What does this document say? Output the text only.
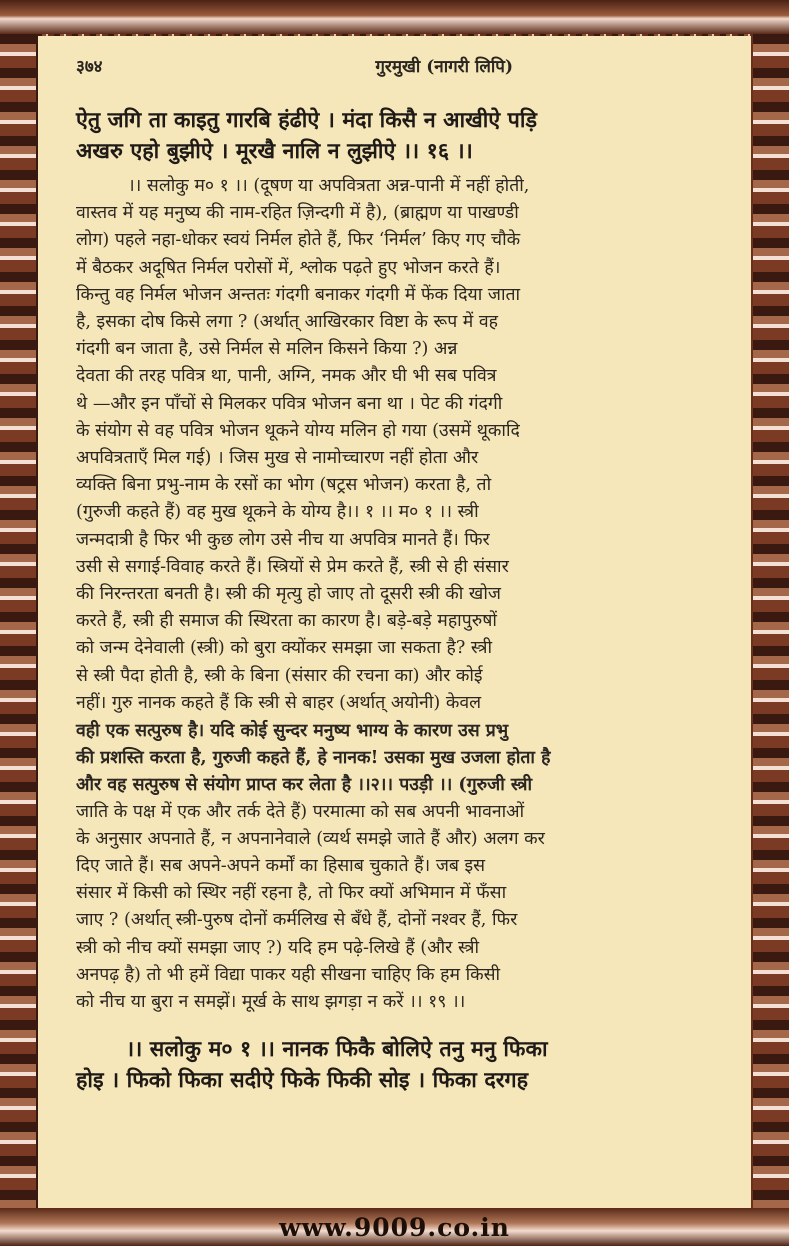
३७४	गुरमुखी (नागरी लिपि)
ऐतु जगि ता काइतु गारबि हंढीऐ । मंदा किसै न आखीऐ पड़ि
अखरु एहो बुझीऐ । मूरखै नालि न लुझीऐ ।। १६ ।।
।। सलोकु म० १ ।। (दूषण या अपवित्रता अन्न-पानी में नहीं होती,
वास्तव में यह मनुष्य की नाम-रहित ज़िन्दगी में है), (ब्राह्मण या पाखण्डी
लोग) पहले नहा-धोकर स्वयं निर्मल होते हैं, फिर ‘निर्मल’ किए गए चौके
में बैठकर अदूषित निर्मल परोसों में, श्लोक पढ़ते हुए भोजन करते हैं।
किन्तु वह निर्मल भोजन अन्ततः गंदगी बनाकर गंदगी में फेंक दिया जाता
है, इसका दोष किसे लगा ? (अर्थात् आखिरकार विष्टा के रूप में वह
गंदगी बन जाता है, उसे निर्मल से मलिन किसने किया ?) अन्न
देवता की तरह पवित्र था, पानी, अग्नि, नमक और घी भी सब पवित्र
थे —और इन पाँचों से मिलकर पवित्र भोजन बना था । पेट की गंदगी
के संयोग से वह पवित्र भोजन थूकने योग्य मलिन हो गया (उसमें थूकादि
अपवित्रताएँ मिल गई) । जिस मुख से नामोच्चारण नहीं होता और
व्यक्ति बिना प्रभु-नाम के रसों का भोग (षट्रस भोजन) करता है, तो
(गुरुजी कहते हैं) वह मुख थूकने के योग्य है।। १ ।। म० १ ।। स्त्री
जन्मदात्री है फिर भी कुछ लोग उसे नीच या अपवित्र मानते हैं। फिर
उसी से सगाई-विवाह करते हैं। स्त्रियों से प्रेम करते हैं, स्त्री से ही संसार
की निरन्तरता बनती है। स्त्री की मृत्यु हो जाए तो दूसरी स्त्री की खोज
करते हैं, स्त्री ही समाज की स्थिरता का कारण है। बड़े-बड़े महापुरुषों
को जन्म देनेवाली (स्त्री) को बुरा क्योंकर समझा जा सकता है? स्त्री
से स्त्री पैदा होती है, स्त्री के बिना (संसार की रचना का) और कोई
नहीं। गुरु नानक कहते हैं कि स्त्री से बाहर (अर्थात् अयोनी) केवल
वही एक सत्पुरुष है। यदि कोई सुन्दर मनुष्य भाग्य के कारण उस प्रभु
की प्रशस्ति करता है, गुरुजी कहते हैं, हे नानक! उसका मुख उजला होता है
और वह सत्पुरुष से संयोग प्राप्त कर लेता है ।।२।। पउड़ी ।। (गुरुजी स्त्री
जाति के पक्ष में एक और तर्क देते हैं) परमात्मा को सब अपनी भावनाओं
के अनुसार अपनाते हैं, न अपनानेवाले (व्यर्थ समझे जाते हैं और) अलग कर
दिए जाते हैं। सब अपने-अपने कर्मों का हिसाब चुकाते हैं। जब इस
संसार में किसी को स्थिर नहीं रहना है, तो फिर क्यों अभिमान में फँसा
जाए ? (अर्थात् स्त्री-पुरुष दोनों कर्मलिख से बँधे हैं, दोनों नश्वर हैं, फिर
स्त्री को नीच क्यों समझा जाए ?) यदि हम पढ़े-लिखे हैं (और स्त्री
अनपढ़ है) तो भी हमें विद्या पाकर यही सीखना चाहिए कि हम किसी
को नीच या बुरा न समझें। मूर्ख के साथ झगड़ा न करें ।। १९ ।।
।। सलोकु म० १ ।। नानक फिकै बोलिऐ तनु मनु फिका
होइ । फिको फिका सदीऐ फिके फिकी सोइ । फिका दरगह
www.9009.co.in
